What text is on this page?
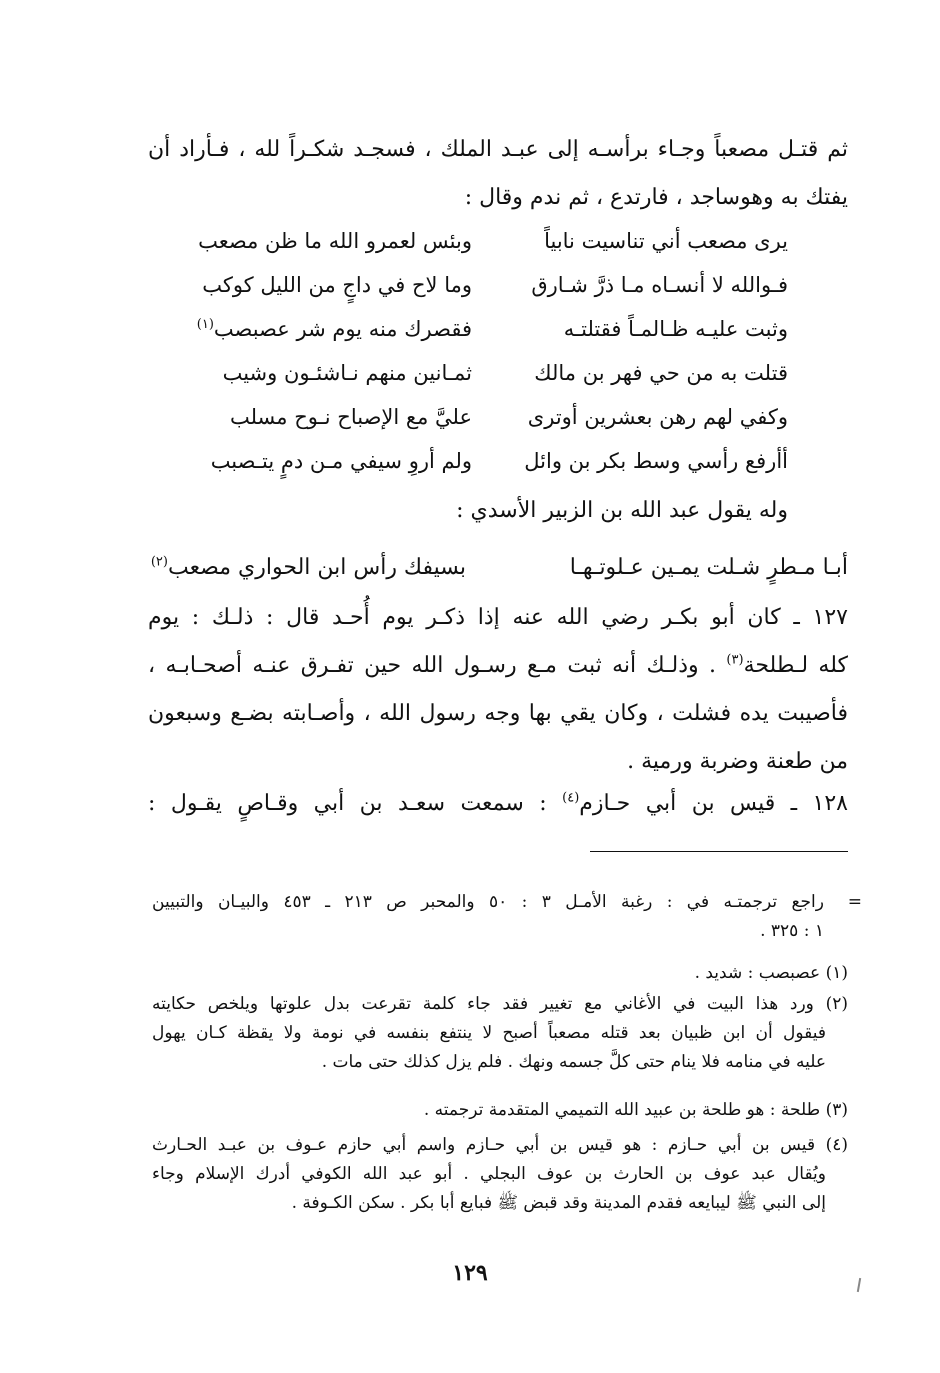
ثم قتـل مصعباً وجـاء برأسـه إلى عبـد الملك ، فسجـد شكـراً لله ، فـأراد أن
يفتك به وهوساجد ، فارتدع ، ثم ندم وقال :
يرى مصعب أني تناسيت نابياً
وبئس لعمرو الله ما ظن مصعب
فـوالله لا أنسـاه مـا ذرَّ شـارق
وما لاح في داجٍ من الليل كوكب
وثبت عليـه ظـالمـاً فقتلتـه
فقصرك منه يوم شر عصبصب$^{(١)}$
قتلت به من حي فهر بن مالك
ثمـانين منهم نـاشئـون وشيب
وكفي لهم رهن بعشرين أوترى
عليَّ مع الإصباح نـوح مسلب
أأرفع رأسي وسط بكر بن وائل
ولم أروِ سيفي مـن دمٍ يتـصبب
وله يقول عبد الله بن الزبير الأسدي :
أبـا مـطرٍ شـلت يمـين عـلوتـهـا
بسيفك رأس ابن الحواري مصعب$^{(٢)}$
١٢٧ ـ كان أبو بكـر رضي الله عنه إذا ذكـر يوم أُحـد قال : ذلـك : يوم
كله لـطلحة$^{(٣)}$ . وذلـك أنه ثبت مـع رسـول الله حين تفـرق عنـه أصحـابـه ،
فأصيبت يده فشلت ، وكان يقي بها وجه رسول الله ، وأصـابته بضـع وسبعون
من طعنة وضربة ورمية .
١٢٨ ـ قيس بن أبي حـازم$^{(٤)}$ : سمعت سعـد بن أبي وقـاصٍ يقـول :
=
راجع ترجمتـه في : رغبة الأمـل ٣ : ٥٠ والمحبر ص ٢١٣ ـ ٤٥٣ والبيـان والتبيين
١ : ٣٢٥ .
(١) عصبصب : شديد .
(٢) ورد هذا البيت في الأغاني مع تغيير فقد جاء كلمة تقرعت بدل علوتها ويلخص حكايته
فيقول أن ابن ظبيان بعد قتله مصعباً أصبح لا ينتفع بنفسه في نومة ولا يقظة كـان يهول
عليه في منامه فلا ينام حتى كلَّ جسمه ونهك . فلم يزل كذلك حتى مات .
(٣) طلحة : هو طلحة بن عبيد الله التميمي المتقدمة ترجمته .
(٤) قيس بن أبي حـازم : هو قيس بن أبي حـازم واسم أبي حازم عـوف بن عبـد الحـارث
ويُقال عبد عوف بن الحارث بن عوف البجلي . أبو عبد الله الكوفي أدرك الإسلام وجاء
إلى النبي ﷺ ليبايعه فقدم المدينة وقد قبض ﷺ فبايع أبا بكر . سكن الكـوفة .
١٢٩
